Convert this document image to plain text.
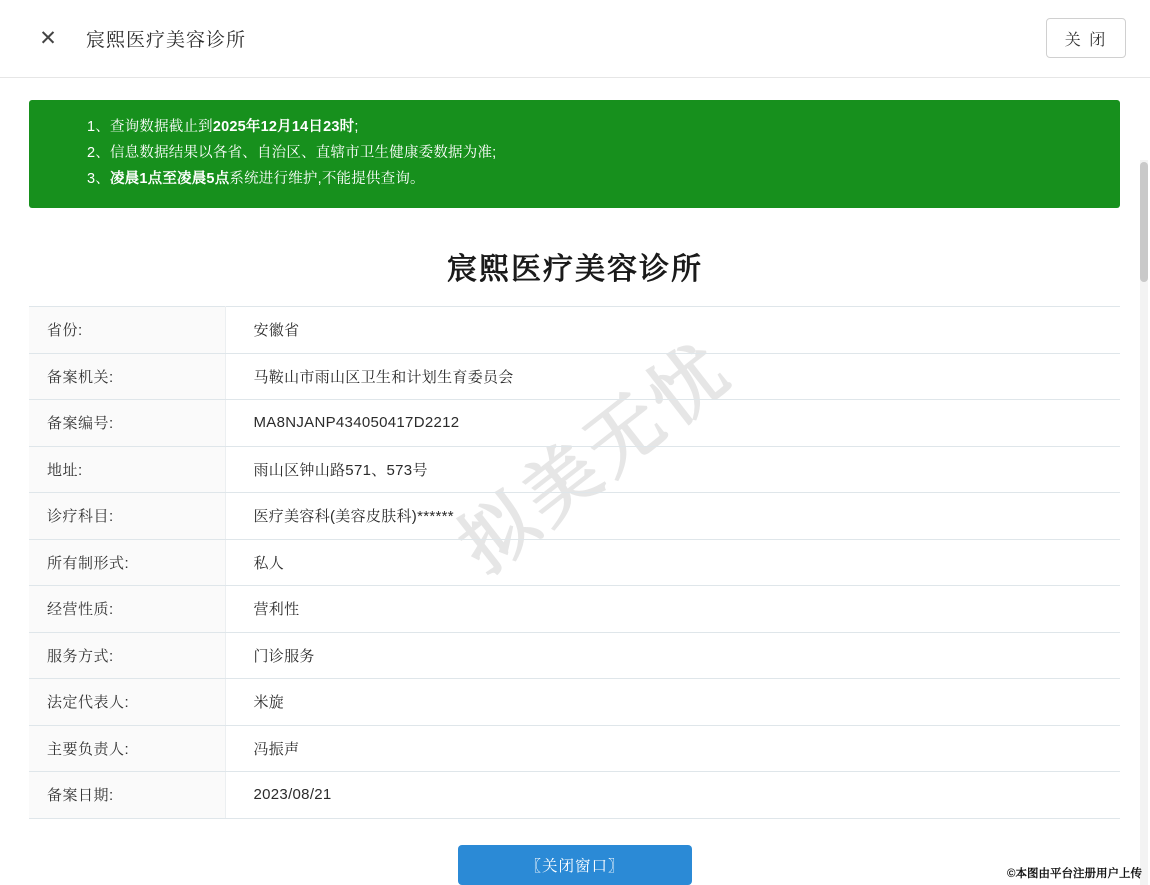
✕ 宸熙医疗美容诊所	关 闭
1、查询数据截止到2025年12月14日23时;
2、信息数据结果以各省、自治区、直辖市卫生健康委数据为准;
3、凌晨1点至凌晨5点系统进行维护,不能提供查询。
宸熙医疗美容诊所
拟美无忧
省份:	安徽省
备案机关:	马鞍山市雨山区卫生和计划生育委员会
备案编号:	MA8NJANP434050417D2212
地址:	雨山区钟山路571、573号
诊疗科目:	医疗美容科(美容皮肤科)******
所有制形式:	私人
经营性质:	营利性
服务方式:	门诊服务
法定代表人:	米旋
主要负责人:	冯振声
备案日期:	2023/08/21
〖关闭窗口〗	©本图由平台注册用户上传
